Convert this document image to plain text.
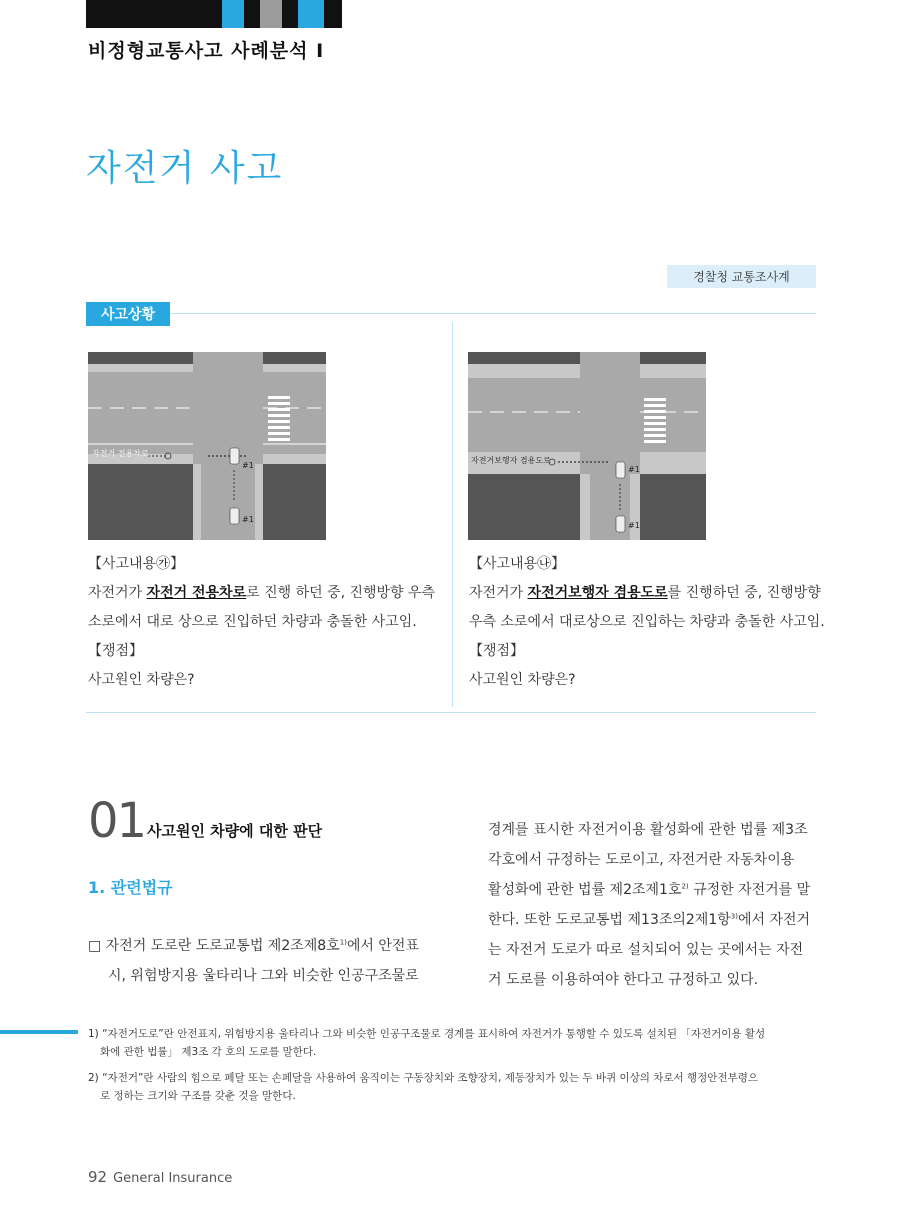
비정형교통사고 사례분석 I
자전거 사고
경찰청 교통조사계
사고상황
자전거 전용차로
#1
#1
자전거보행자 겸용도로
#1
#1

【사고내용㉮】

자전거가 자전거 전용차로로 진행 하던 중, 진행방향 우측

소로에서 대로 상으로 진입하던 차량과 충돌한 사고임.

【쟁점】

사고원인 차량은?

【사고내용㉯】

자전거가 자전거보행자 겸용도로를 진행하던 중, 진행방향

우측 소로에서 대로상으로 진입하는 차량과 충돌한 사고임.

【쟁점】

사고원인 차량은?

01 사고원인 차량에 대한 판단
1. 관련법규

□ 자전거 도로란 도로교통법 제2조제8호$^{1)}$에서 안전표

시, 위험방지용 울타리나 그와 비슷한 인공구조물로

경계를 표시한 자전거이용 활성화에 관한 법률 제3조

각호에서 규정하는 도로이고, 자전거란 자동차이용

활성화에 관한 법률 제2조제1호$^{2)}$ 규정한 자전거를 말

한다. 또한 도로교통법 제13조의2제1항$^{3)}$에서 자전거

는 자전거 도로가 따로 설치되어 있는 곳에서는 자전

거 도로를 이용하여야 한다고 규정하고 있다.

1) “자전거도로”란 안전표지, 위험방지용 울타리나 그와 비슷한 인공구조물로 경계를 표시하여 자전거가 통행할 수 있도록 설치된 「자전거이용 활성

화에 관한 법률」 제3조 각 호의 도로를 말한다.

2) “자전거”란 사람의 힘으로 페달 또는 손페달을 사용하여 움직이는 구동장치와 조향장치, 제동장치가 있는 두 바퀴 이상의 차로서 행정안전부령으

로 정하는 크기와 구조를 갖춘 것을 말한다.

92 General Insurance
